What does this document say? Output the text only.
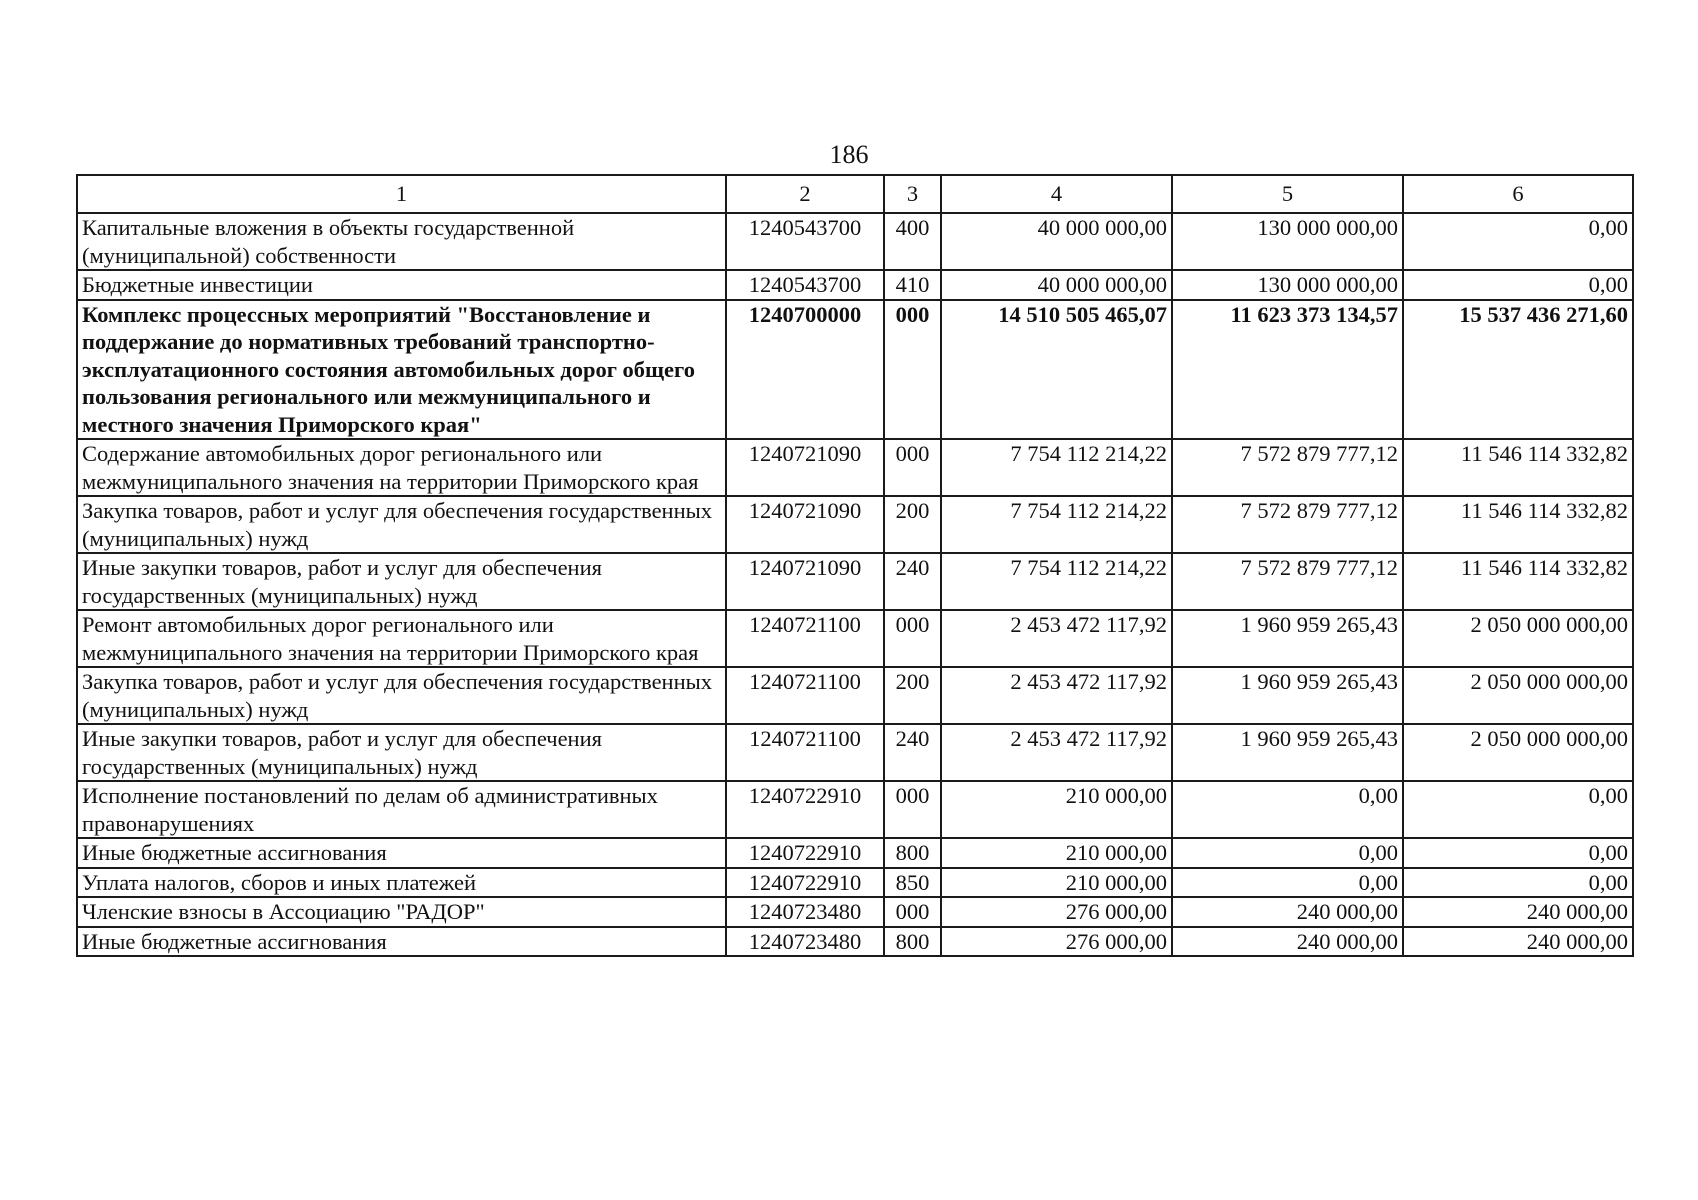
186
1	2	3	4	5	6
Капитальные вложения в объекты государственной (муниципальной) собственности	1240543700	400	40 000 000,00	130 000 000,00	0,00
Бюджетные инвестиции	1240543700	410	40 000 000,00	130 000 000,00	0,00
Комплекс процессных мероприятий "Восстановление и поддержание до нормативных требований транспортно-эксплуатационного состояния автомобильных дорог общего пользования регионального или межмуниципального и местного значения Приморского края"	1240700000	000	14 510 505 465,07	11 623 373 134,57	15 537 436 271,60
Содержание автомобильных дорог регионального или межмуниципального значения на территории Приморского края	1240721090	000	7 754 112 214,22	7 572 879 777,12	11 546 114 332,82
Закупка товаров, работ и услуг для обеспечения государственных (муниципальных) нужд	1240721090	200	7 754 112 214,22	7 572 879 777,12	11 546 114 332,82
Иные закупки товаров, работ и услуг для обеспечения государственных (муниципальных) нужд	1240721090	240	7 754 112 214,22	7 572 879 777,12	11 546 114 332,82
Ремонт автомобильных дорог регионального или межмуниципального значения на территории Приморского края	1240721100	000	2 453 472 117,92	1 960 959 265,43	2 050 000 000,00
Закупка товаров, работ и услуг для обеспечения государственных (муниципальных) нужд	1240721100	200	2 453 472 117,92	1 960 959 265,43	2 050 000 000,00
Иные закупки товаров, работ и услуг для обеспечения государственных (муниципальных) нужд	1240721100	240	2 453 472 117,92	1 960 959 265,43	2 050 000 000,00
Исполнение постановлений по делам об административных правонарушениях	1240722910	000	210 000,00	0,00	0,00
Иные бюджетные ассигнования	1240722910	800	210 000,00	0,00	0,00
Уплата налогов, сборов и иных платежей	1240722910	850	210 000,00	0,00	0,00
Членские взносы в Ассоциацию "РАДОР"	1240723480	000	276 000,00	240 000,00	240 000,00
Иные бюджетные ассигнования	1240723480	800	276 000,00	240 000,00	240 000,00
